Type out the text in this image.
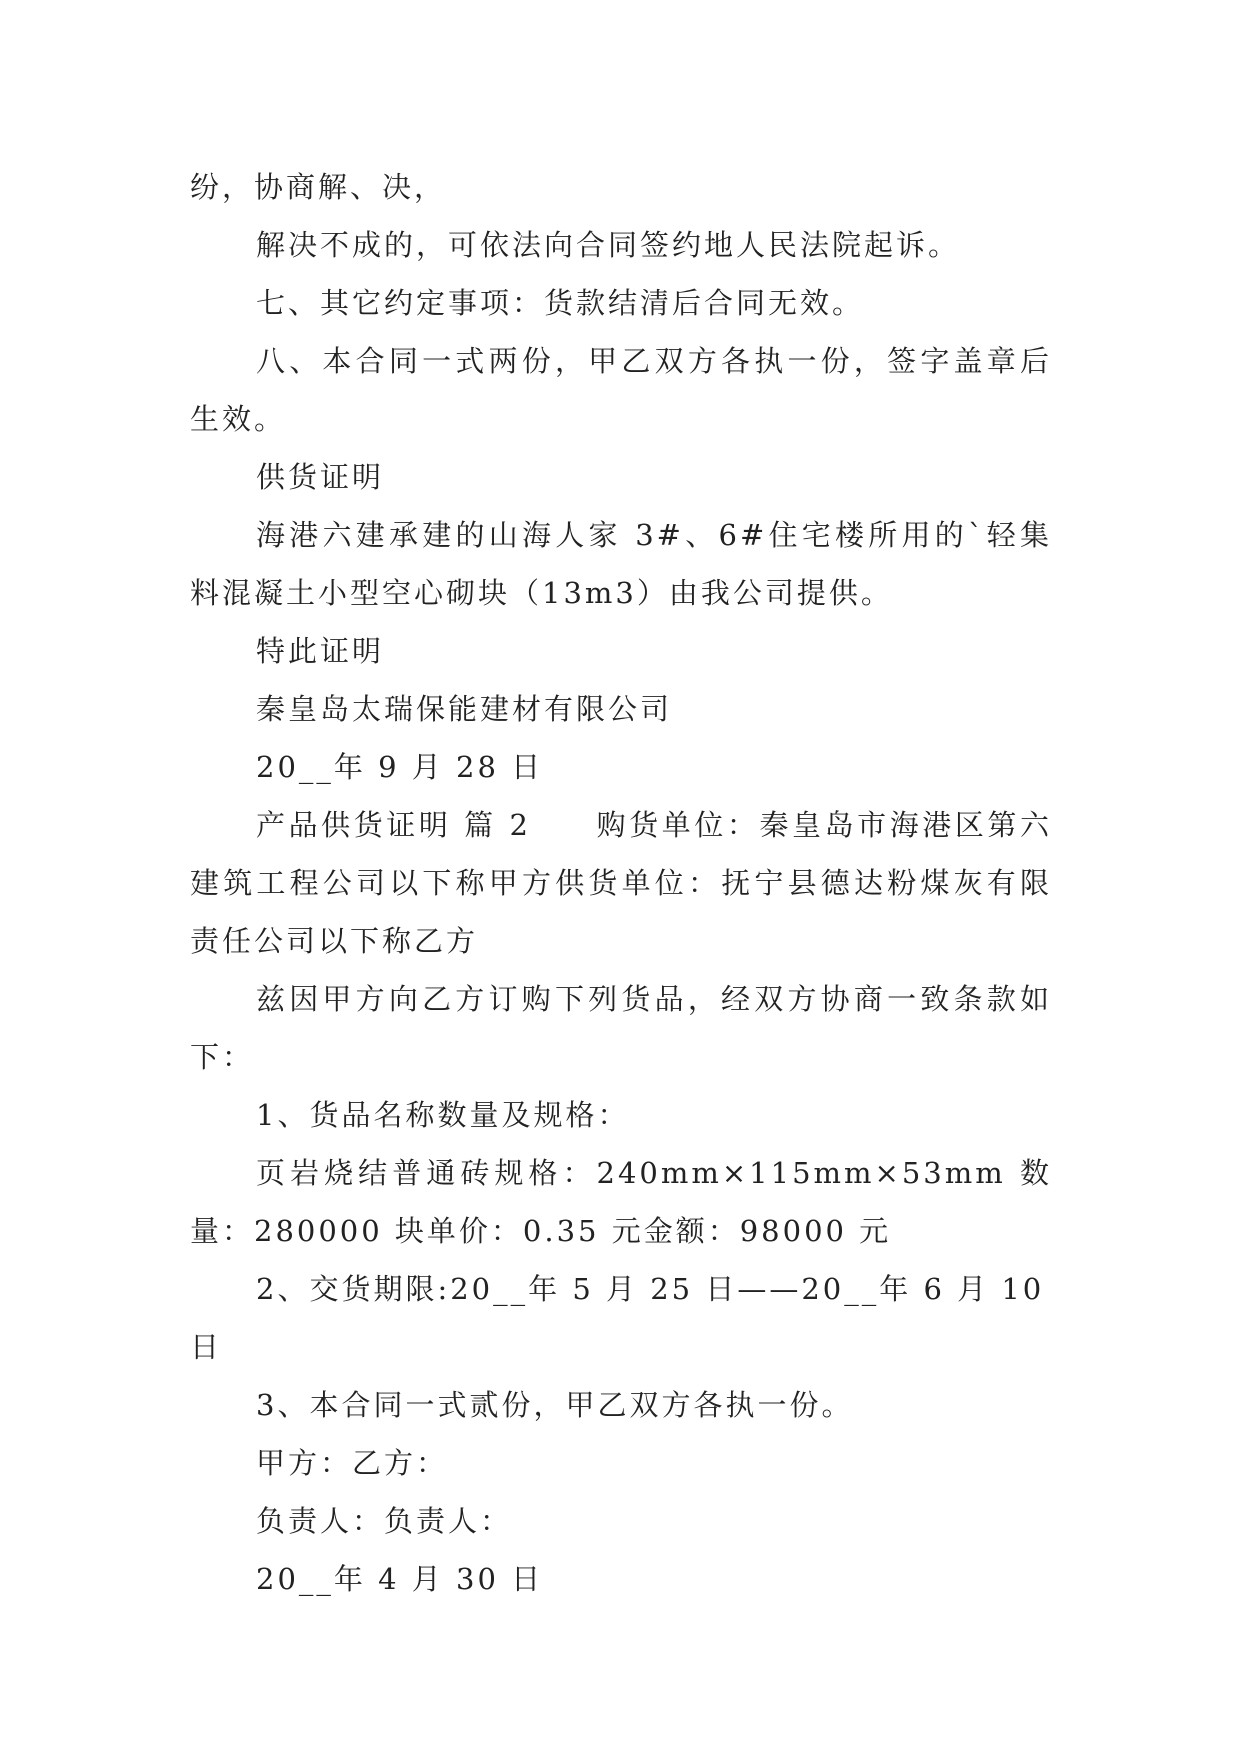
纷，协商解、决，

解决不成的，可依法向合同签约地人民法院起诉。

七、其它约定事项：货款结清后合同无效。

八、本合同一式两份，甲乙双方各执一份，签字盖章后生效。

供货证明

海港六建承建的山海人家 3#、6#住宅楼所用的`轻集料混凝土小型空心砌块（13m3）由我公司提供。

特此证明

秦皇岛太瑞保能建材有限公司

20__年 9 月 28 日

产品供货证明 篇 2　　购货单位：秦皇岛市海港区第六建筑工程公司以下称甲方供货单位：抚宁县德达粉煤灰有限责任公司以下称乙方

兹因甲方向乙方订购下列货品，经双方协商一致条款如下：

1、货品名称数量及规格：

页岩烧结普通砖规格：240mm×115mm×53mm 数量：280000 块单价：0.35 元金额：98000 元

2、交货期限:20__年 5 月 25 日——20__年 6 月 10 日

3、本合同一式贰份，甲乙双方各执一份。

甲方：乙方：

负责人：负责人：

20__年 4 月 30 日
